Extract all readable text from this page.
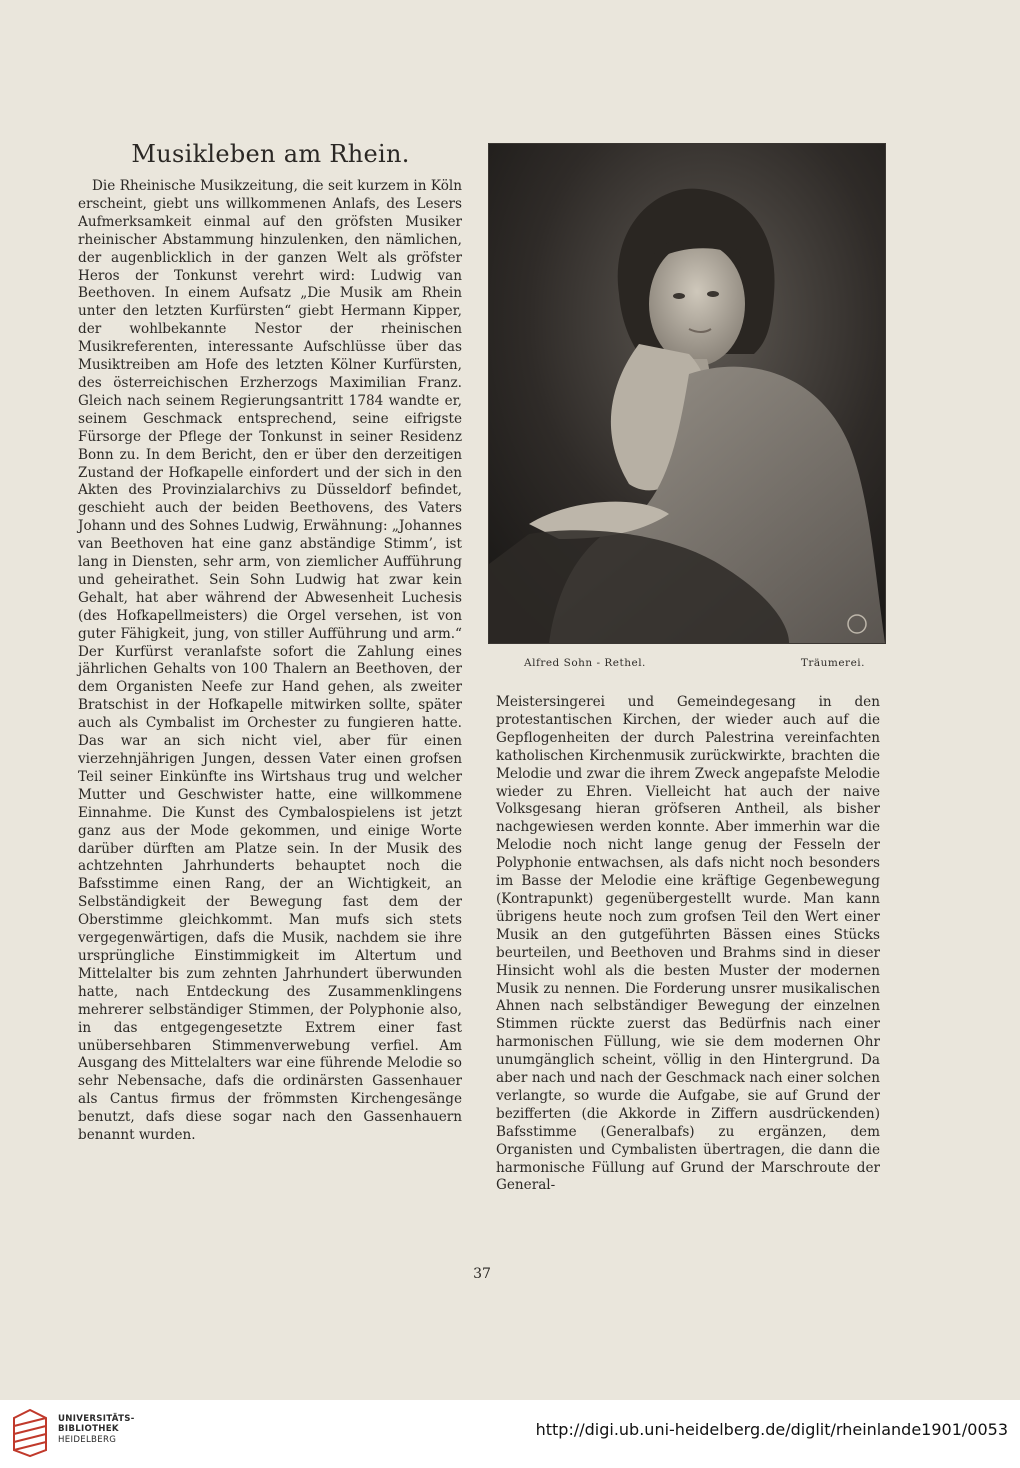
Musikleben am Rhein.

Die Rheinische Musikzeitung, die seit kurzem in Köln erscheint, giebt uns willkommenen Anlafs, des Lesers Aufmerksamkeit einmal auf den gröfsten Musiker rheinischer Abstammung hinzulenken, den nämlichen, der augenblicklich in der ganzen Welt als gröfster Heros der Tonkunst verehrt wird: Ludwig van Beethoven. In einem Aufsatz „Die Musik am Rhein unter den letzten Kurfürsten“ giebt Hermann Kipper, der wohlbekannte Nestor der rheinischen Musikreferenten, interessante Aufschlüsse über das Musiktreiben am Hofe des letzten Kölner Kurfürsten, des österreichischen Erzherzogs Maximilian Franz. Gleich nach seinem Regierungsantritt 1784 wandte er, seinem Geschmack entsprechend, seine eifrigste Fürsorge der Pflege der Tonkunst in seiner Residenz Bonn zu. In dem Bericht, den er über den derzeitigen Zustand der Hofkapelle einfordert und der sich in den Akten des Provinzialarchivs zu Düsseldorf befindet, geschieht auch der beiden Beethovens, des Vaters Johann und des Sohnes Ludwig, Erwähnung: „Johannes van Beethoven hat eine ganz abständige Stimm’, ist lang in Diensten, sehr arm, von ziemlicher Aufführung und geheirathet. Sein Sohn Ludwig hat zwar kein Gehalt, hat aber während der Abwesenheit Luchesis (des Hofkapellmeisters) die Orgel versehen, ist von guter Fähigkeit, jung, von stiller Aufführung und arm.“ Der Kurfürst veranlafste sofort die Zahlung eines jährlichen Gehalts von 100 Thalern an Beethoven, der dem Organisten Neefe zur Hand gehen, als zweiter Bratschist in der Hofkapelle mitwirken sollte, später auch als Cymbalist im Orchester zu fungieren hatte. Das war an sich nicht viel, aber für einen vierzehnjährigen Jungen, dessen Vater einen grofsen Teil seiner Einkünfte ins Wirtshaus trug und welcher Mutter und Geschwister hatte, eine willkommene Einnahme. Die Kunst des Cymbalospielens ist jetzt ganz aus der Mode gekommen, und einige Worte darüber dürften am Platze sein. In der Musik des achtzehnten Jahrhunderts behauptet noch die Bafsstimme einen Rang, der an Wichtigkeit, an Selbständigkeit der Bewegung fast dem der Oberstimme gleichkommt. Man mufs sich stets vergegenwärtigen, dafs die Musik, nachdem sie ihre ursprüngliche Einstimmigkeit im Altertum und Mittelalter bis zum zehnten Jahrhundert überwunden hatte, nach Entdeckung des Zusammenklingens mehrerer selbständiger Stimmen, der Polyphonie also, in das entgegengesetzte Extrem einer fast unübersehbaren Stimmenverwebung verfiel. Am Ausgang des Mittelalters war eine führende Melodie so sehr Nebensache, dafs die ordinärsten Gassenhauer als Cantus firmus der frömmsten Kirchengesänge benutzt, dafs diese sogar nach den Gassenhauern benannt wurden.

Alfred Sohn - Rethel.	Träumerei.

Meistersingerei und Gemeindegesang in den protestantischen Kirchen, der wieder auch auf die Gepflogenheiten der durch Palestrina vereinfachten katholischen Kirchenmusik zurückwirkte, brachten die Melodie und zwar die ihrem Zweck angepafste Melodie wieder zu Ehren. Vielleicht hat auch der naive Volksgesang hieran gröfseren Antheil, als bisher nachgewiesen werden konnte. Aber immerhin war die Melodie noch nicht lange genug der Fesseln der Polyphonie entwachsen, als dafs nicht noch besonders im Basse der Melodie eine kräftige Gegenbewegung (Kontrapunkt) gegenübergestellt wurde. Man kann übrigens heute noch zum grofsen Teil den Wert einer Musik an den gutgeführten Bässen eines Stücks beurteilen, und Beethoven und Brahms sind in dieser Hinsicht wohl als die besten Muster der modernen Musik zu nennen. Die Forderung unsrer musikalischen Ahnen nach selbständiger Bewegung der einzelnen Stimmen rückte zuerst das Bedürfnis nach einer harmonischen Füllung, wie sie dem modernen Ohr unumgänglich scheint, völlig in den Hintergrund. Da aber nach und nach der Geschmack nach einer solchen verlangte, so wurde die Aufgabe, sie auf Grund der bezifferten (die Akkorde in Ziffern ausdrückenden) Bafsstimme (Generalbafs) zu ergänzen, dem Organisten und Cymbalisten übertragen, die dann die harmonische Füllung auf Grund der Marschroute der General-

37
UNIVERSITÄTS-
BIBLIOTHEK
HEIDELBERG
http://digi.ub.uni-heidelberg.de/diglit/rheinlande1901/0053
